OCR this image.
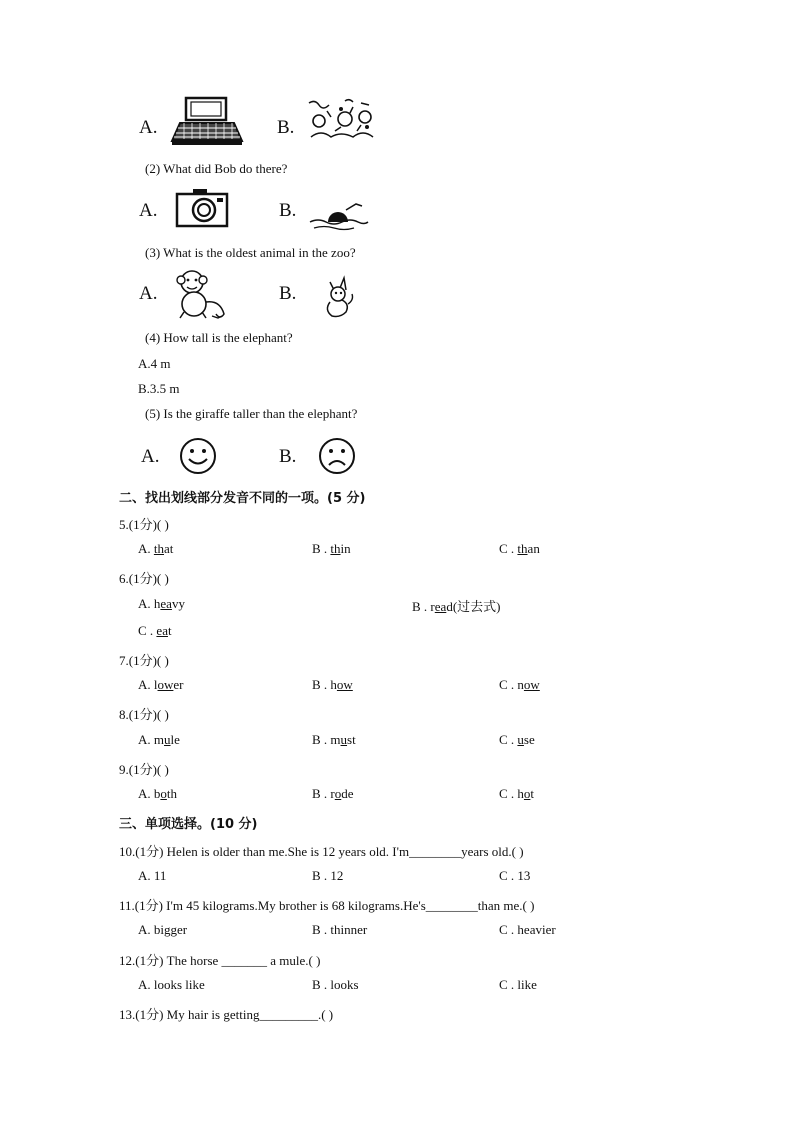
A.	B.
(2) What did Bob do there?
A.	B.
(3) What is the oldest animal in the zoo?
A.	B.
(4) How tall is the elephant?
A.4 m
B.3.5 m
(5) Is the giraffe taller than the elephant?
A.	B.
二、找出划线部分发音不同的一项。(5 分)
5.(1分)( )
A. that	B . thin	C . than
6.(1分)( )
A. heavy	B . read(过去式)
C . eat
7.(1分)( )
A. lower	B . how	C . now
8.(1分)( )
A. mule	B . must	C . use
9.(1分)( )
A. both	B . rode	C . hot
三、单项选择。(10 分)
10.(1分) Helen is older than me.She is 12 years old. I'm________years old.( )
A. 11	B . 12	C . 13
11.(1分) I'm 45 kilograms.My brother is 68 kilograms.He's________than me.( )
A. bigger	B . thinner	C . heavier
12.(1分) The horse _______ a mule.( )
A. looks like	B . looks	C . like
13.(1分) My hair is getting_________.( )
